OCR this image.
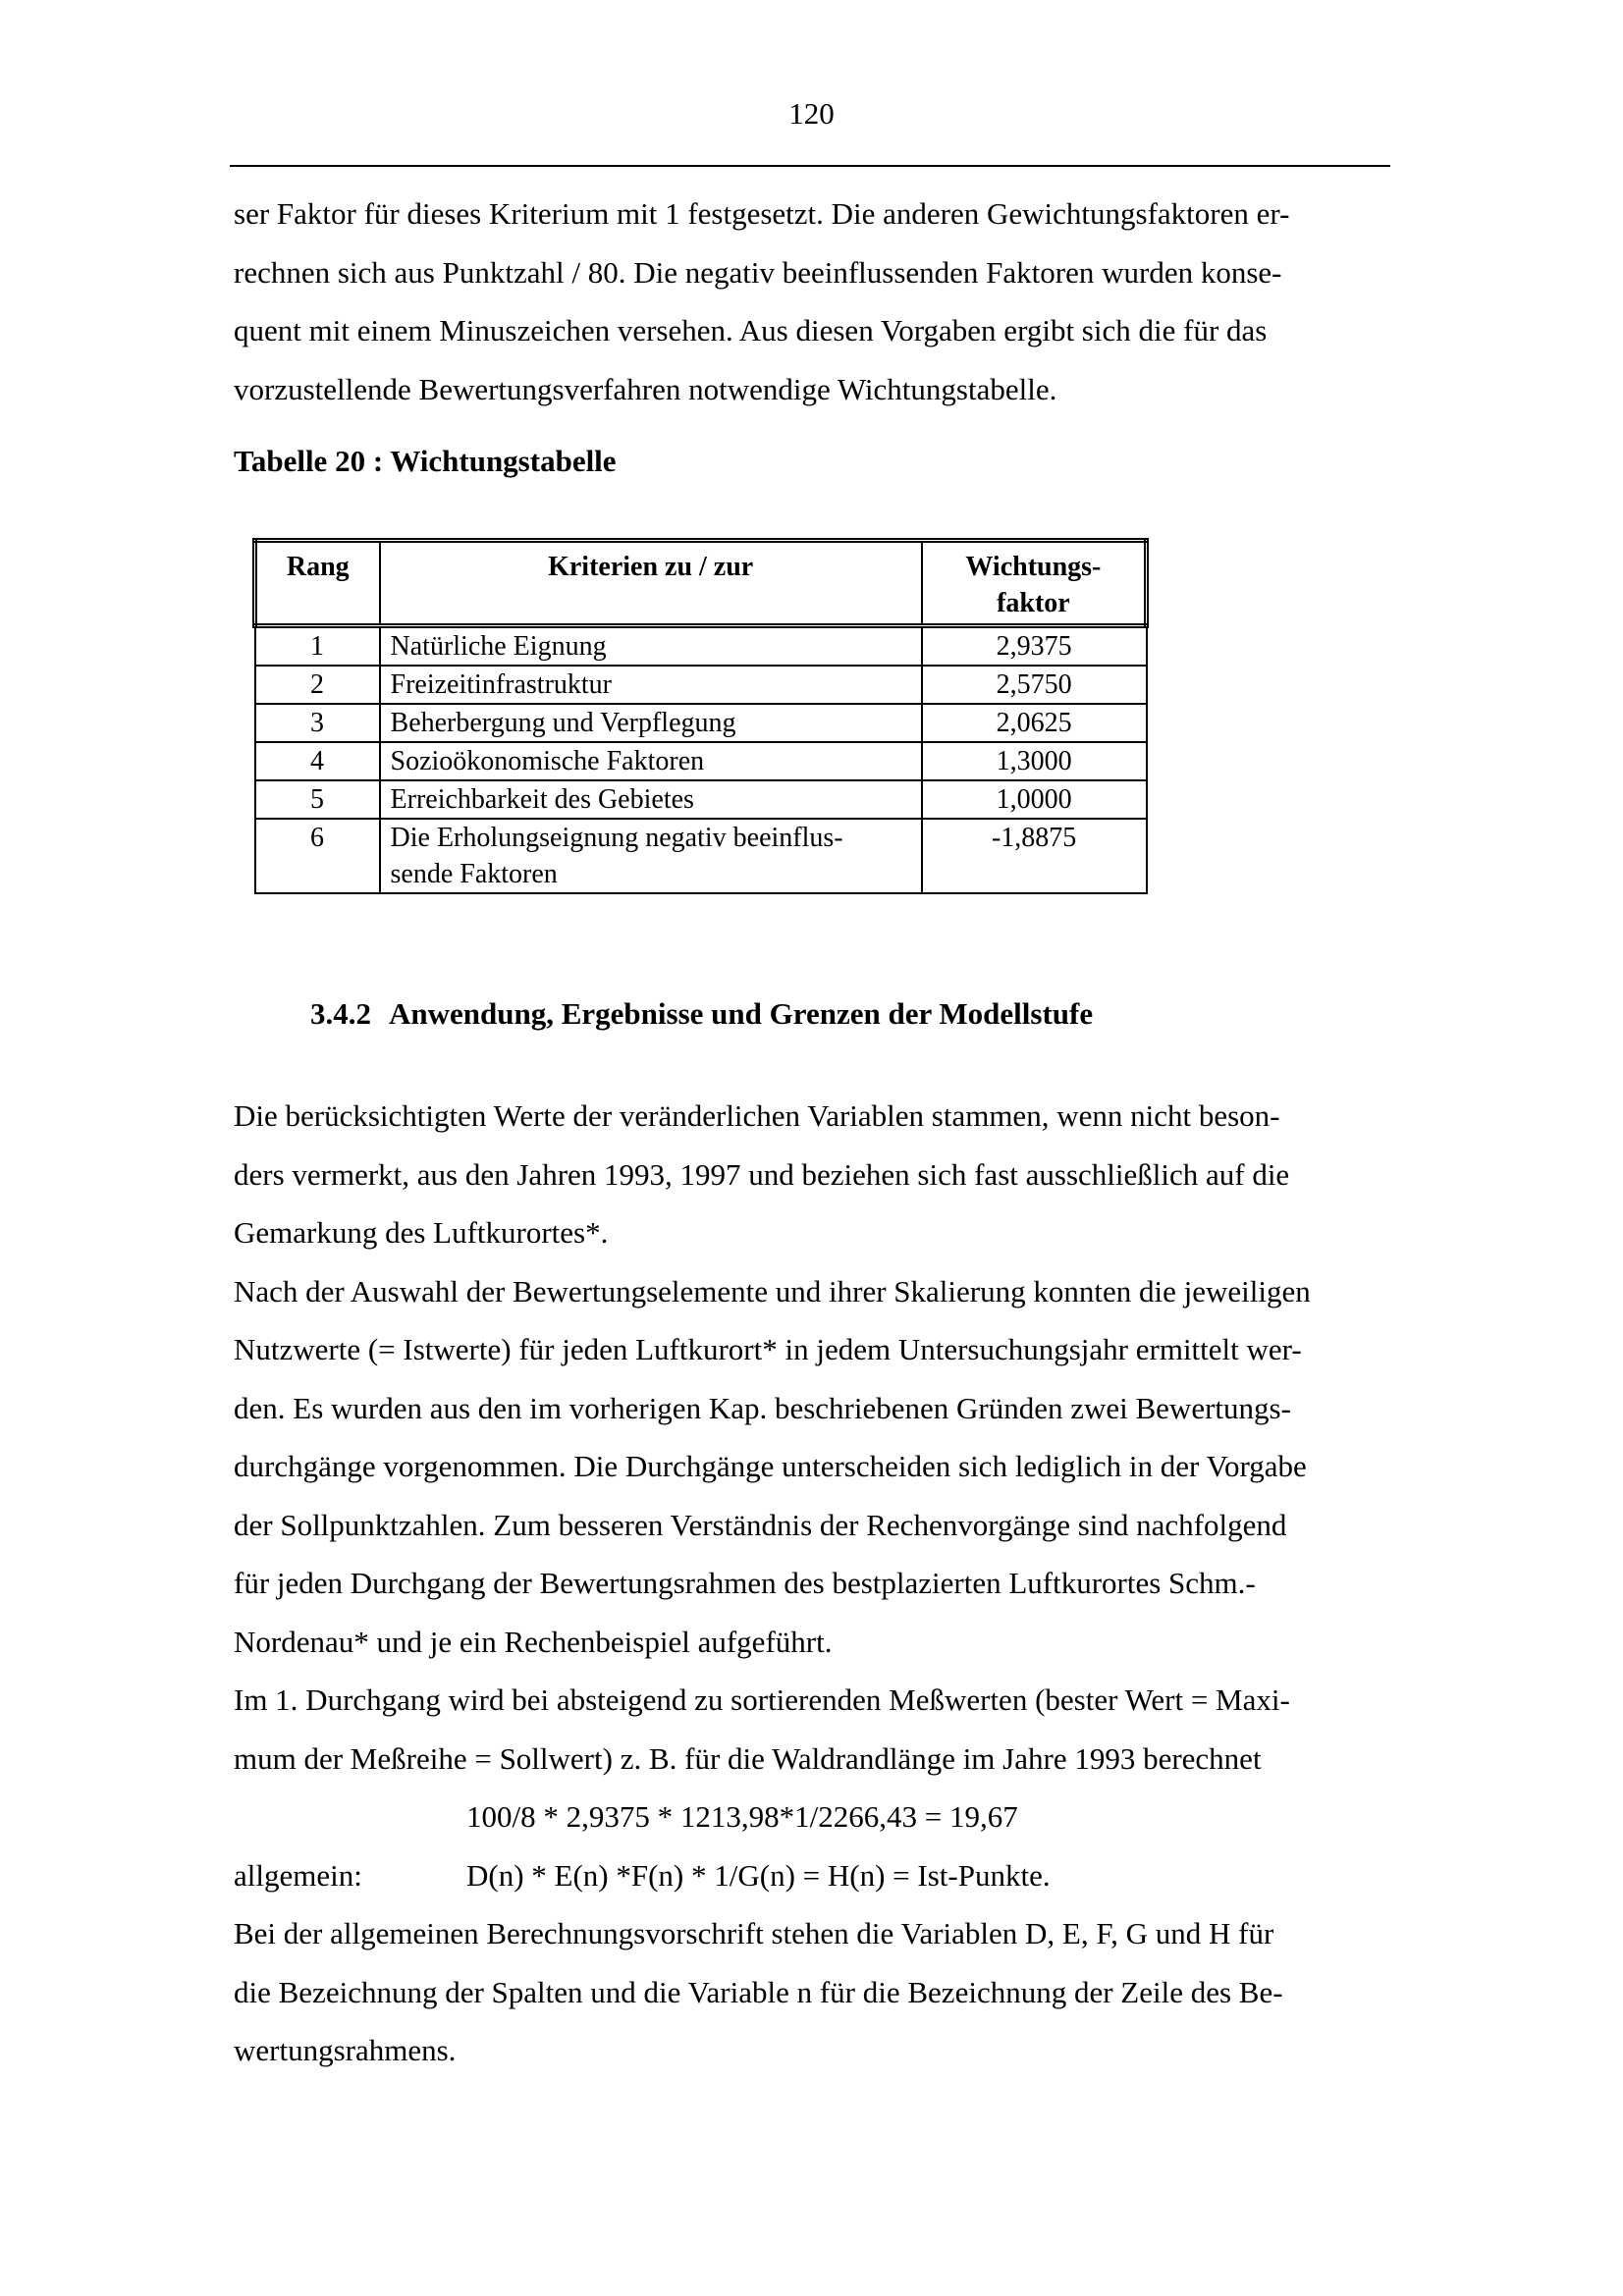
120
ser Faktor für dieses Kriterium mit 1 festgesetzt. Die anderen Gewichtungsfaktoren er-
rechnen sich aus Punktzahl / 80. Die negativ beeinflussenden Faktoren wurden konse-
quent mit einem Minuszeichen versehen. Aus diesen Vorgaben ergibt sich die für das
vorzustellende Bewertungsverfahren notwendige Wichtungstabelle.
Tabelle 20 : Wichtungstabelle
Rang	Kriterien zu / zur	Wichtungs-
faktor

1	Natürliche Eignung	2,9375
2	Freizeitinfrastruktur	2,5750
3	Beherbergung und Verpflegung	2,0625
4	Sozioökonomische Faktoren	1,3000
5	Erreichbarkeit des Gebietes	1,0000
6	Die Erholungseignung negativ beeinflus-
sende Faktoren	-1,8875
3.4.2 Anwendung, Ergebnisse und Grenzen der Modellstufe
Die berücksichtigten Werte der veränderlichen Variablen stammen, wenn nicht beson-
ders vermerkt, aus den Jahren 1993, 1997 und beziehen sich fast ausschließlich auf die
Gemarkung des Luftkurortes*.
Nach der Auswahl der Bewertungselemente und ihrer Skalierung konnten die jeweiligen
Nutzwerte (= Istwerte) für jeden Luftkurort* in jedem Untersuchungsjahr ermittelt wer-
den. Es wurden aus den im vorherigen Kap. beschriebenen Gründen zwei Bewertungs-
durchgänge vorgenommen. Die Durchgänge unterscheiden sich lediglich in der Vorgabe
der Sollpunktzahlen. Zum besseren Verständnis der Rechenvorgänge sind nachfolgend
für jeden Durchgang der Bewertungsrahmen des bestplazierten Luftkurortes Schm.-
Nordenau* und je ein Rechenbeispiel aufgeführt.
Im 1. Durchgang wird bei absteigend zu sortierenden Meßwerten (bester Wert = Maxi-
mum der Meßreihe = Sollwert) z. B. für die Waldrandlänge im Jahre 1993 berechnet
100/8 * 2,9375 * 1213,98*1/2266,43 = 19,67
allgemein:	D(n) * E(n) *F(n) * 1/G(n) = H(n) = Ist-Punkte.
Bei der allgemeinen Berechnungsvorschrift stehen die Variablen D, E, F, G und H für
die Bezeichnung der Spalten und die Variable n für die Bezeichnung der Zeile des Be-
wertungsrahmens.
